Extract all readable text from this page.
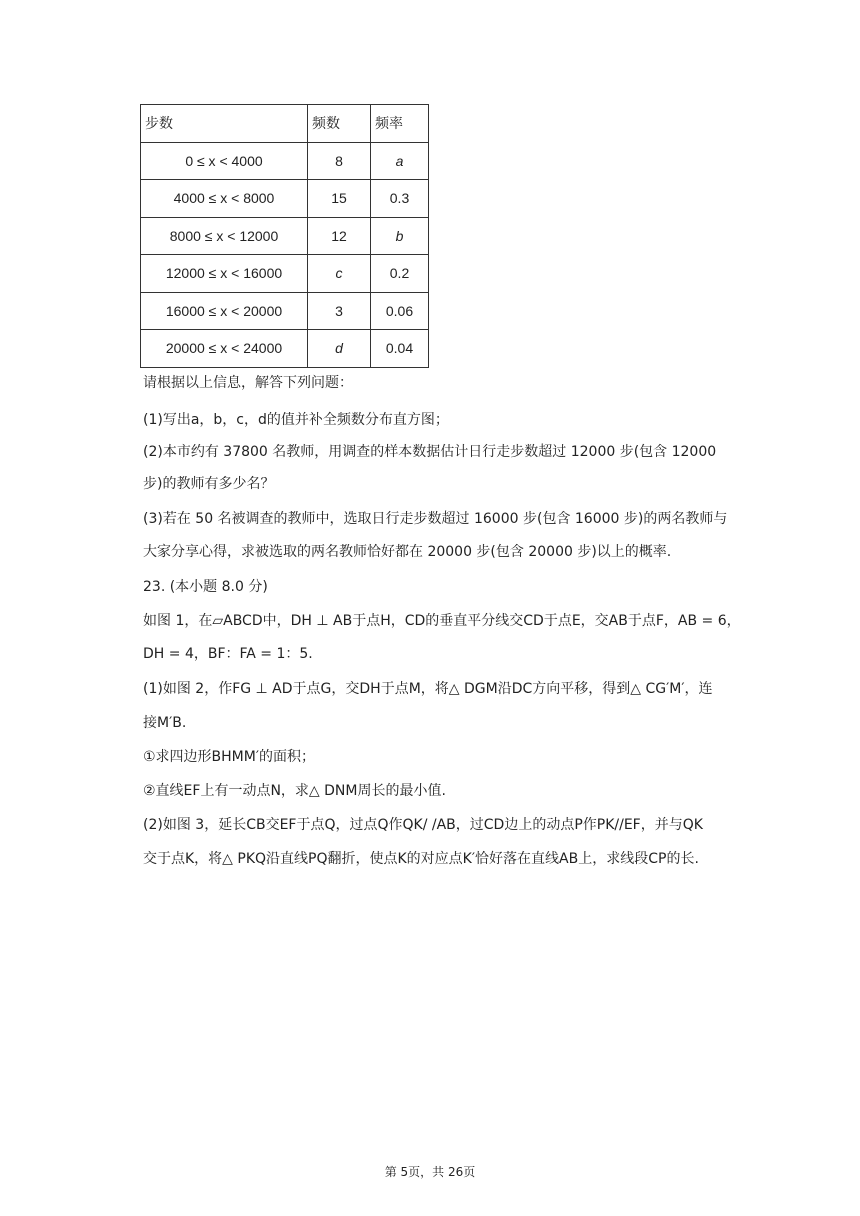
步数	频数	频率
0 ≤ x < 4000	8	a
4000 ≤ x < 8000	15	0.3
8000 ≤ x < 12000	12	b
12000 ≤ x < 16000	c	0.2
16000 ≤ x < 20000	3	0.06
20000 ≤ x < 24000	d	0.04
请根据以上信息，解答下列问题：
(1)写出a，b，c，d的值并补全频数分布直方图；
(2)本市约有 37800 名教师，用调查的样本数据估计日行走步数超过 12000 步(包含 12000
步)的教师有多少名？
(3)若在 50 名被调查的教师中，选取日行走步数超过 16000 步(包含 16000 步)的两名教师与
大家分享心得，求被选取的两名教师恰好都在 20000 步(包含 20000 步)以上的概率.
23. (本小题 8.0 分)
如图 1，在▱ABCD中，DH ⊥ AB于点H，CD的垂直平分线交CD于点E，交AB于点F，AB = 6，
DH = 4，BF：FA = 1：5.
(1)如图 2，作FG ⊥ AD于点G，交DH于点M，将△ DGM沿DC方向平移，得到△ CG′M′，连
接M′B.
①求四边形BHMM′的面积；
②直线EF上有一动点N，求△ DNM周长的最小值.
(2)如图 3，延长CB交EF于点Q，过点Q作QK/ /AB，过CD边上的动点P作PK//EF，并与QK
交于点K，将△ PKQ沿直线PQ翻折，使点K的对应点K′恰好落在直线AB上，求线段CP的长.
第 5页，共 26页
